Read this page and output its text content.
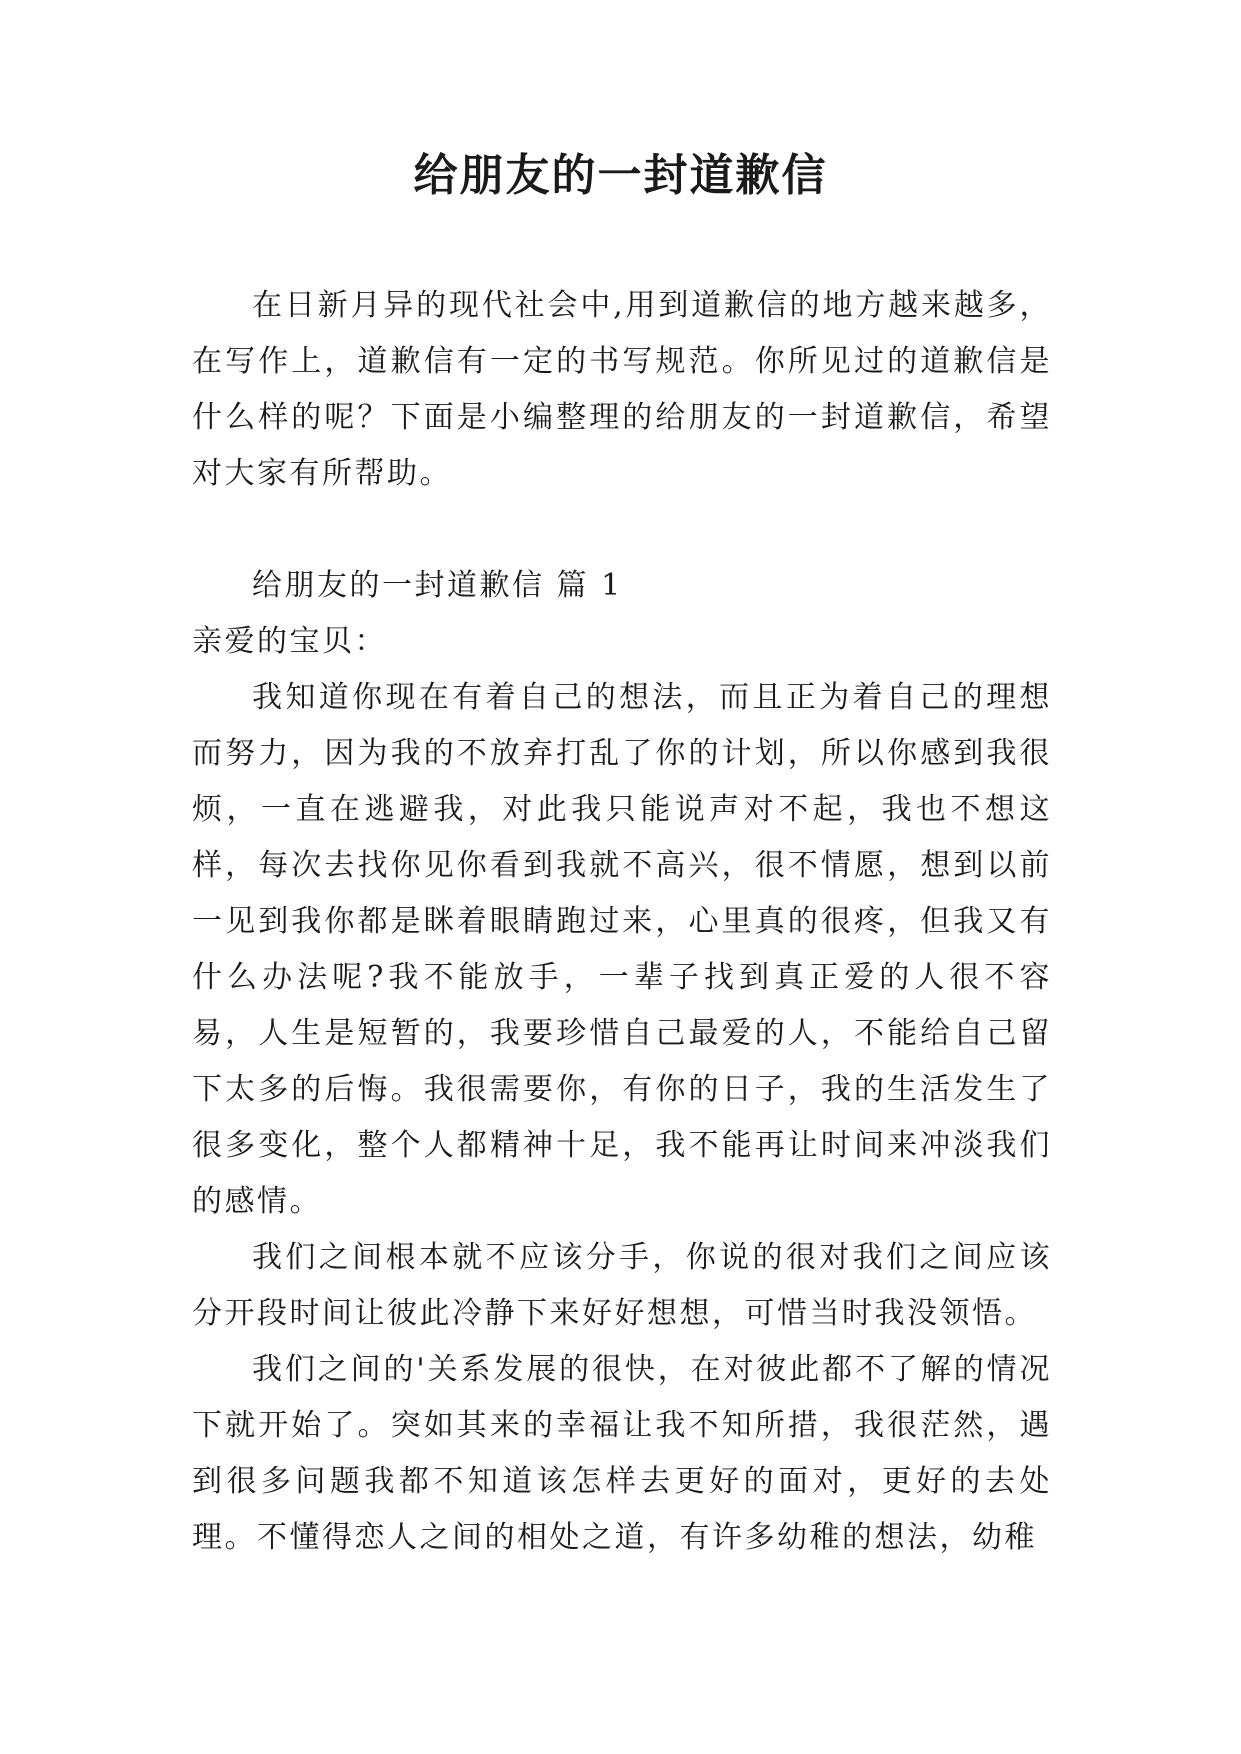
给朋友的一封道歉信

在日新月异的现代社会中,用到道歉信的地方越来越多，在写作上，道歉信有一定的书写规范。你所见过的道歉信是什么样的呢？下面是小编整理的给朋友的一封道歉信，希望对大家有所帮助。

给朋友的一封道歉信 篇 1

亲爱的宝贝：

我知道你现在有着自己的想法，而且正为着自己的理想而努力，因为我的不放弃打乱了你的计划，所以你感到我很烦，一直在逃避我，对此我只能说声对不起，我也不想这样，每次去找你见你看到我就不高兴，很不情愿，想到以前一见到我你都是眯着眼睛跑过来，心里真的很疼，但我又有什么办法呢?我不能放手，一辈子找到真正爱的人很不容易，人生是短暂的，我要珍惜自己最爱的人，不能给自己留下太多的后悔。我很需要你，有你的日子，我的生活发生了很多变化，整个人都精神十足，我不能再让时间来冲淡我们的感情。

我们之间根本就不应该分手，你说的很对我们之间应该分开段时间让彼此冷静下来好好想想，可惜当时我没领悟。

我们之间的'关系发展的很快，在对彼此都不了解的情况下就开始了。突如其来的幸福让我不知所措，我很茫然，遇到很多问题我都不知道该怎样去更好的面对，更好的去处理。不懂得恋人之间的相处之道，有许多幼稚的想法，幼稚
